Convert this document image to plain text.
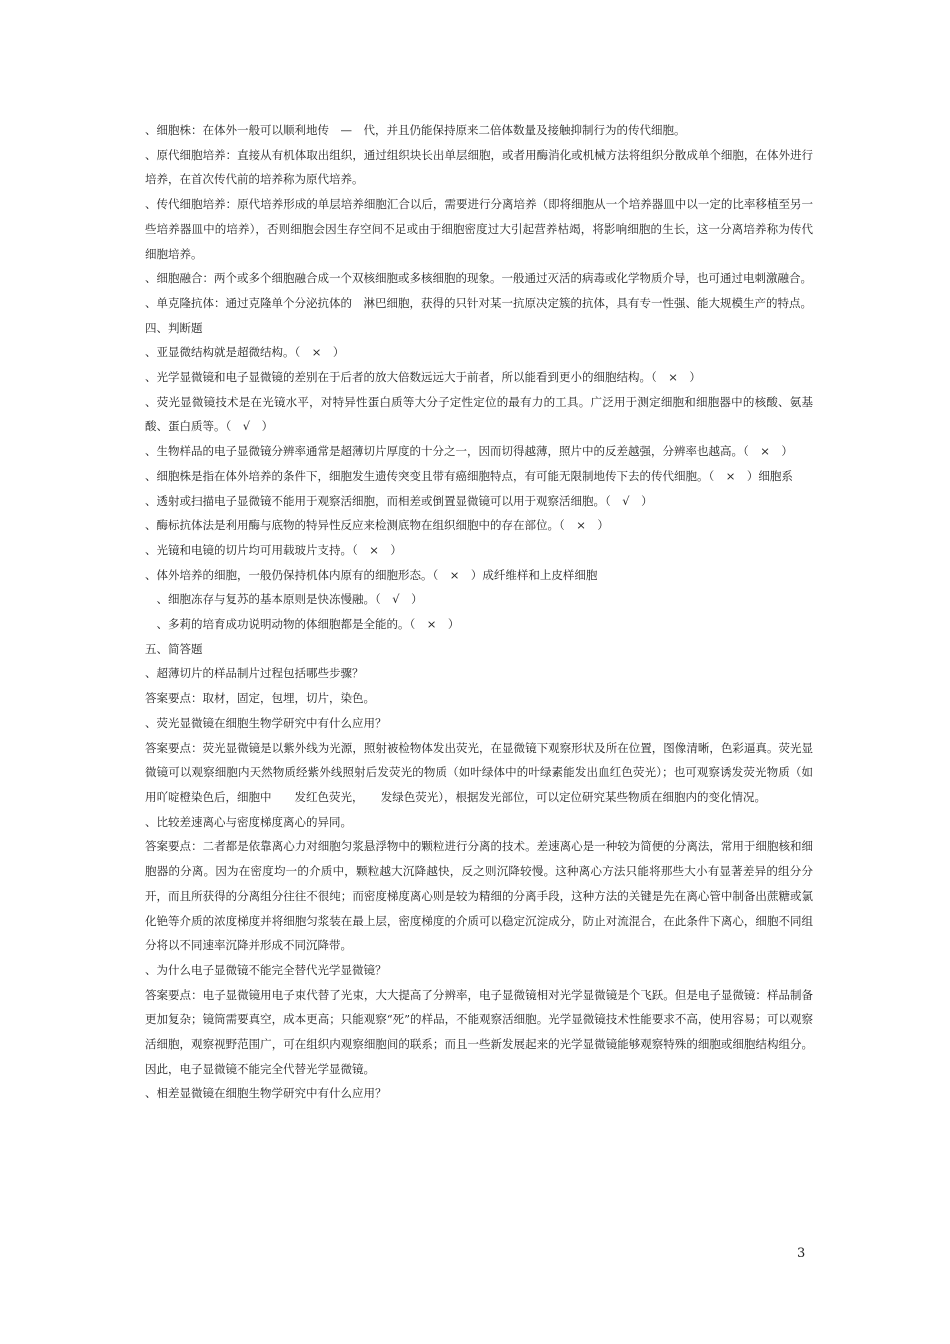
、细胞株：在体外一般可以顺利地传　—　代，并且仍能保持原来二倍体数量及接触抑制行为的传代细胞。

、原代细胞培养：直接从有机体取出组织，通过组织块长出单层细胞，或者用酶消化或机械方法将组织分散成单个细胞，在体外进行培养，在首次传代前的培养称为原代培养。

、传代细胞培养：原代培养形成的单层培养细胞汇合以后，需要进行分离培养（即将细胞从一个培养器皿中以一定的比率移植至另一些培养器皿中的培养），否则细胞会因生存空间不足或由于细胞密度过大引起营养枯竭，将影响细胞的生长，这一分离培养称为传代细胞培养。

、细胞融合：两个或多个细胞融合成一个双核细胞或多核细胞的现象。一般通过灭活的病毒或化学物质介导，也可通过电刺激融合。

、单克隆抗体：通过克隆单个分泌抗体的　淋巴细胞，获得的只针对某一抗原决定簇的抗体，具有专一性强、能大规模生产的特点。

四、判断题

、亚显微结构就是超微结构。（　×　）

、光学显微镜和电子显微镜的差别在于后者的放大倍数远远大于前者，所以能看到更小的细胞结构。（　×　）

、荧光显微镜技术是在光镜水平，对特异性蛋白质等大分子定性定位的最有力的工具。广泛用于测定细胞和细胞器中的核酸、氨基酸、蛋白质等。（　√　）

、生物样品的电子显微镜分辨率通常是超薄切片厚度的十分之一，因而切得越薄，照片中的反差越强，分辨率也越高。（　×　）

、细胞株是指在体外培养的条件下，细胞发生遗传突变且带有癌细胞特点，有可能无限制地传下去的传代细胞。（　×　）细胞系

、透射或扫描电子显微镜不能用于观察活细胞，而相差或倒置显微镜可以用于观察活细胞。（　√　）

、酶标抗体法是利用酶与底物的特异性反应来检测底物在组织细胞中的存在部位。（　×　）

、光镜和电镜的切片均可用载玻片支持。（　×　）

、体外培养的细胞，一般仍保持机体内原有的细胞形态。（　×　）成纤维样和上皮样细胞

　、细胞冻存与复苏的基本原则是快冻慢融。（　√　）

　、多莉的培育成功说明动物的体细胞都是全能的。（　×　）

五、简答题

、超薄切片的样品制片过程包括哪些步骤？

答案要点：取材，固定，包埋，切片，染色。

、荧光显微镜在细胞生物学研究中有什么应用？

答案要点：荧光显微镜是以紫外线为光源，照射被检物体发出荧光，在显微镜下观察形状及所在位置，图像清晰，色彩逼真。荧光显微镜可以观察细胞内天然物质经紫外线照射后发荧光的物质（如叶绿体中的叶绿素能发出血红色荧光）；也可观察诱发荧光物质（如用吖啶橙染色后，细胞中　　发红色荧光，　　发绿色荧光），根据发光部位，可以定位研究某些物质在细胞内的变化情况。

、比较差速离心与密度梯度离心的异同。

答案要点：二者都是依靠离心力对细胞匀浆悬浮物中的颗粒进行分离的技术。差速离心是一种较为简便的分离法，常用于细胞核和细胞器的分离。因为在密度均一的介质中，颗粒越大沉降越快，反之则沉降较慢。这种离心方法只能将那些大小有显著差异的组分分开，而且所获得的分离组分往往不很纯；而密度梯度离心则是较为精细的分离手段，这种方法的关键是先在离心管中制备出蔗糖或氯化铯等介质的浓度梯度并将细胞匀浆装在最上层，密度梯度的介质可以稳定沉淀成分，防止对流混合，在此条件下离心，细胞不同组分将以不同速率沉降并形成不同沉降带。

、为什么电子显微镜不能完全替代光学显微镜？

答案要点：电子显微镜用电子束代替了光束，大大提高了分辨率，电子显微镜相对光学显微镜是个飞跃。但是电子显微镜：样品制备更加复杂；镜筒需要真空，成本更高；只能观察“死”的样品，不能观察活细胞。光学显微镜技术性能要求不高，使用容易；可以观察活细胞，观察视野范围广，可在组织内观察细胞间的联系；而且一些新发展起来的光学显微镜能够观察特殊的细胞或细胞结构组分。因此，电子显微镜不能完全代替光学显微镜。

、相差显微镜在细胞生物学研究中有什么应用？

3
